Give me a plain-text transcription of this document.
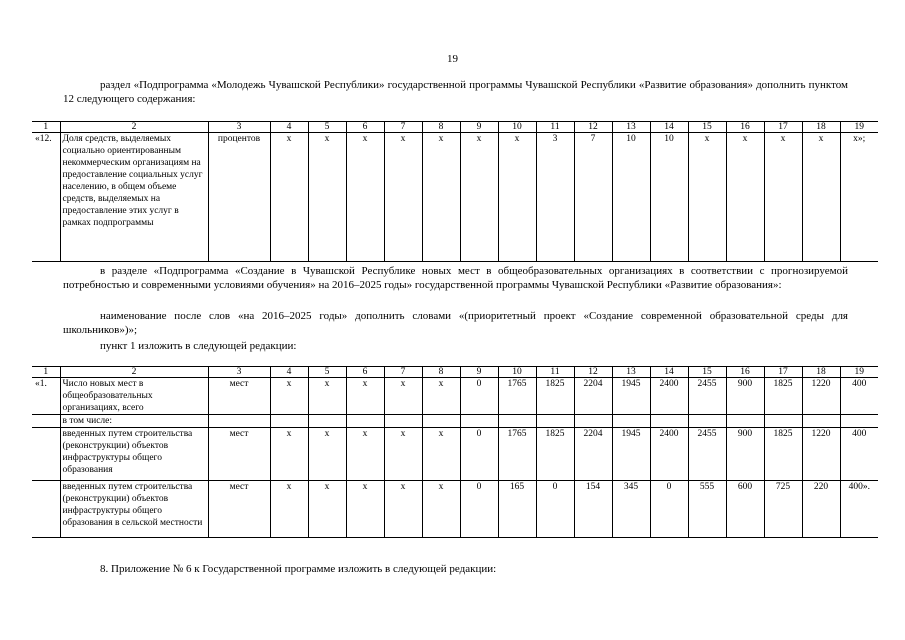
19
раздел «Подпрограмма «Молодежь Чувашской Республики» государственной программы Чувашской Республики «Развитие образования» дополнить пунктом 12 следующего содержания:
1	2	3	4	5	6	7	8	9	10	11	12	13	14	15	16	17	18	19
«12.	Доля средств, выделяемых социально ориентированным некоммерческим организациям на предоставление социальных услуг населению, в общем объеме средств, выделяемых на предоставление этих услуг в рамках подпрограммы	процентов	х	х	х	х	х	х	х	3	7	10	10	х	х	х	х	х»;
в разделе «Подпрограмма «Создание в Чувашской Республике новых мест в общеобразовательных организациях в соответствии с прогнозируемой потребностью и современными условиями обучения» на 2016–2025 годы» государственной программы Чувашской Республики «Развитие образования»:
наименование после слов «на 2016–2025 годы» дополнить словами «(приоритетный проект «Создание современной образовательной среды для школьников»)»;
пункт 1 изложить в следующей редакции:
1	2	3	4	5	6	7	8	9	10	11	12	13	14	15	16	17	18	19
«1.	Число новых мест в общеобразовательных организациях, всего	мест	х	х	х	х	х	0	1765	1825	2204	1945	2400	2455	900	1825	1220	400
	в том числе:																	
	введенных путем строительства (реконструкции) объектов инфраструктуры общего образования	мест	х	х	х	х	х	0	1765	1825	2204	1945	2400	2455	900	1825	1220	400
	введенных путем строительства (реконструкции) объектов инфраструктуры общего образования в сельской местности	мест	х	х	х	х	х	0	165	0	154	345	0	555	600	725	220	400».
8. Приложение № 6 к Государственной программе изложить в следующей редакции:
